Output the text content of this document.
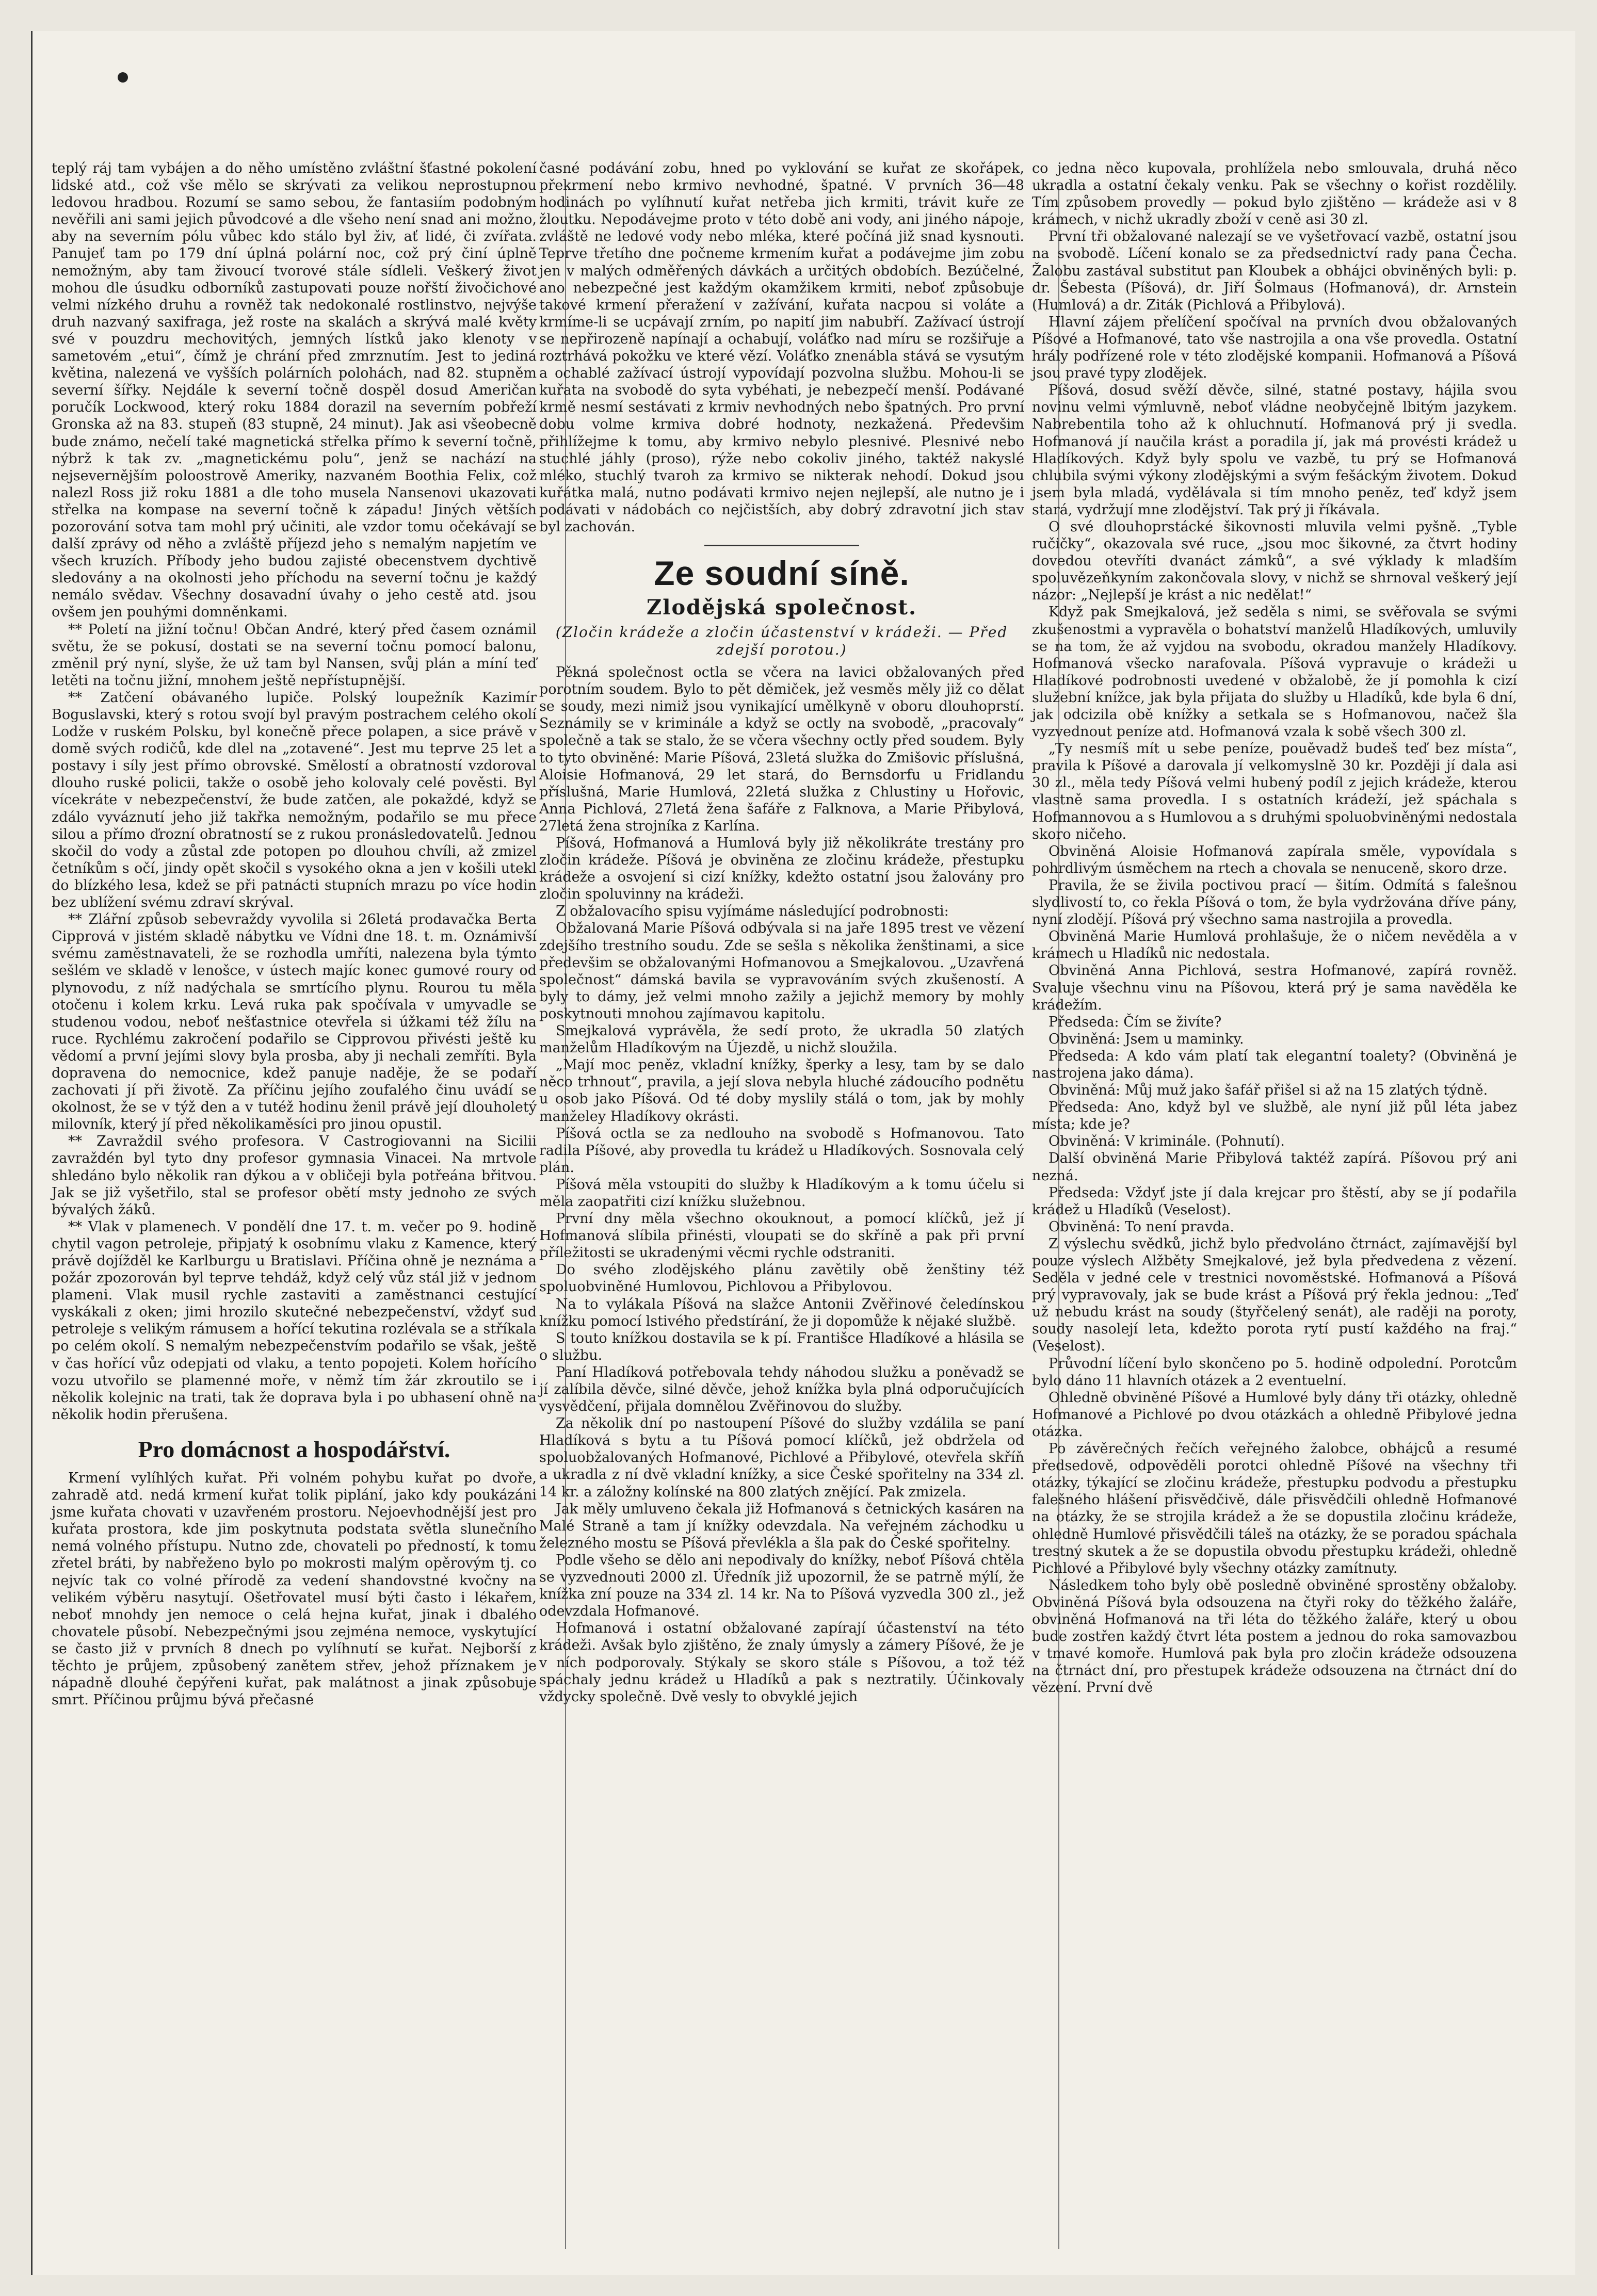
teplý ráj tam vybájen a do něho umístěno zvláštní šťastné pokolení lidské atd., což vše mělo se skrývati za velikou neprostupnou ledovou hradbou. Rozumí se samo sebou, že fantasiím podobným nevěřili ani sami jejich původcové a dle všeho není snad ani možno, aby na severním pólu vůbec kdo stálo byl živ, ať lidé, či zvířata. Panujeť tam po 179 dní úplná polární noc, což prý činí úplně nemožným, aby tam živoucí tvorové stále sídleli. Veškerý život mohou dle úsudku odborníků zastupovati pouze nořští živočichové velmi nízkého druhu a rovněž tak nedokonalé rostlinstvo, nejvýše druh nazvaný saxifraga, jež roste na skalách a skrývá malé květy své v pouzdru mechovitých, jemných lístků jako klenoty v sametovém „etui“, čímž je chrání před zmrznutím. Jest to jediná květina, nalezená ve vyšších polárních polohách, nad 82. stupněm severní šířky. Nejdále k severní točně dospěl dosud Američan poručík Lockwood, který roku 1884 dorazil na severním pobřeží Gronska až na 83. stupeň (83 stupně, 24 minut). Jak asi všeobecně bude známo, nečelí také magnetická střelka přímo k severní točně, nýbrž k tak zv. „magnetickému polu“, jenž se nachází na nejsevernějším poloostrově Ameriky, nazvaném Boothia Felix, což nalezl Ross již roku 1881 a dle toho musela Nansenovi ukazovati střelka na kompase na severní točně k západu! Jiných větších pozorování sotva tam mohl prý učiniti, ale vzdor tomu očekávají se další zprávy od něho a zvláště příjezd jeho s nemalým napjetím ve všech kruzích. Příbody jeho budou zajisté obecenstvem dychtivě sledovány a na okolnosti jeho příchodu na severní točnu je každý nemálo svědav. Všechny dosavadní úvahy o jeho cestě atd. jsou ovšem jen pouhými domněnkami.

** Poletí na jižní točnu! Občan André, který před časem oznámil světu, že se pokusí, dostati se na severní točnu pomocí balonu, změnil prý nyní, slyše, že už tam byl Nansen, svůj plán a míní teď letěti na točnu jižní, mnohem ještě nepřístupnější.

** Zatčení obávaného lupiče. Polský loupežník Kazimír Boguslavski, který s rotou svojí byl pravým postrachem celého okolí Lodže v ruském Polsku, byl konečně přece polapen, a sice právě v domě svých rodičů, kde dlel na „zotavené“. Jest mu teprve 25 let a postavy i síly jest přímo obrovské. Smělostí a obratností vzdoroval dlouho ruské policii, takže o osobě jeho kolovaly celé pověsti. Byl vícekráte v nebezpečenství, že bude zatčen, ale pokaždé, když se zdálo vyváznutí jeho již takřka nemožným, podařilo se mu přece silou a přímo ďrozní obratností se z rukou pronásledovatelů. Jednou skočil do vody a zůstal zde potopen po dlouhou chvíli, až zmizel četníkům s očí, jindy opět skočil s vysokého okna a jen v košili utekl do blízkého lesa, kdež se při patnácti stupních mrazu po více hodin bez ublížení svému zdraví skrýval.

** Zlářní způsob sebevraždy vyvolila si 26letá prodavačka Berta Cipprová v jistém skladě nábytku ve Vídni dne 18. t. m. Oznámivší svému zaměstnavateli, že se rozhodla umříti, nalezena byla týmto sešlém ve skladě v lenošce, v ústech majíc konec gumové roury od plynovodu, z níž nadýchala se smrtícího plynu. Rourou tu měla otočenu i kolem krku. Levá ruka pak spočívala v umyvadle se studenou vodou, neboť nešťastnice otevřela si úžkami též žílu na ruce. Rychlému zakročení podařilo se Cipprovou přivésti ještě ku vědomí a první jejími slovy byla prosba, aby ji nechali zemříti. Byla dopravena do nemocnice, kdež panuje naděje, že se podaří zachovati jí při životě. Za příčinu jejího zoufalého činu uvádí se okolnost, že se v týž den a v tutéž hodinu ženil právě její dlouholetý milovník, který jí před několikaměsíci pro jinou opustil.

** Zavraždil svého profesora. V Castrogiovanni na Sicilii zavraždén byl tyto dny profesor gymnasia Vinacei. Na mrtvole shledáno bylo několik ran dýkou a v obličeji byla potřeána břitvou. Jak se již vyšetřilo, stal se profesor obětí msty jednoho ze svých bývalých žáků.

** Vlak v plamenech. V pondělí dne 17. t. m. večer po 9. hodině chytil vagon petroleje, připjatý k osobnímu vlaku z Kamence, který právě dojížděl ke Karlburgu u Bratislavi. Příčina ohně je neznáma a požár zpozorován byl teprve tehdáž, když celý vůz stál již v jednom plameni. Vlak musil rychle zastaviti a zaměstnanci cestující vyskákali z oken; jimi hrozilo skutečné nebezpečenství, vždyť sud petroleje s velikým rámusem a hořící tekutina rozlévala se a stříkala po celém okolí. S nemalým nebezpečenstvím podařilo se však, ještě v čas hořící vůz odepjati od vlaku, a tento popojeti. Kolem hořícího vozu utvořilo se plamenné moře, v němž tím žár zkroutilo se i několik kolejnic na trati, tak že doprava byla i po ubhasení ohně na několik hodin přerušena.

Pro domácnost a hospodářství.

Krmení vylíhlých kuřat. Při volném pohybu kuřat po dvoře, zahradě atd. nedá krmení kuřat tolik piplání, jako kdy poukázáni jsme kuřata chovati v uzavřeném prostoru. Nejoevhodnější jest pro kuřata prostora, kde jim poskytnuta podstata světla slunečního nemá volného přístupu. Nutno zde, chovateli po předností, k tomu zřetel bráti, by nabřeženo bylo po mokrosti malým opěrovým tj. co nejvíc tak co volné přírodě za vedení shandovstné kvočny na velikém výběru nasytují. Ošetřovatel musí býti často i lékařem, neboť mnohdy jen nemoce o celá hejna kuřat, jinak i dbalého chovatele působí. Nebezpečnými jsou zejména nemoce, vyskytující se často již v prvních 8 dnech po vylíhnutí se kuřat. Nejborší z těchto je průjem, způsobený zanětem střev, jehož příznakem je nápadně dlouhé čepýřeni kuřat, pak malátnost a jinak způsobuje smrt. Příčinou průjmu bývá přečasné

časné podávání zobu, hned po vyklování se kuřat ze skořápek, překrmení nebo krmivo nevhodné, špatné. V prvních 36—48 hodinách po vylíhnutí kuřat netřeba jich krmiti, trávit kuře ze žloutku. Nepodávejme proto v této době ani vody, ani jiného nápoje, zvláště ne ledové vody nebo mléka, které počíná již snad kysnouti. Teprve třetího dne počneme krmením kuřat a podávejme jim zobu jen v malých odměřených dávkách a určitých obdobích. Bezúčelné, ano nebezpečné jest každým okamžikem krmiti, neboť způsobuje takové krmení přeražení v zažívání, kuřata nacpou si voláte a krmíme-li se ucpávají zrním, po napití jim nabubří. Zažívací ústrojí se nepřirozeně napínají a ochabují, voláťko nad míru se rozšiřuje a roztrhává pokožku ve které vězí. Voláťko znenábla stává se vysutým a ochablé zažívací ústrojí vypovídají pozvolna službu. Mohou-li se kuřata na svobodě do syta vybéhati, je nebezpečí menší. Podávané krmě nesmí sestávati z krmiv nevhodných nebo špatných. Pro první dobu volme krmiva dobré hodnoty, nezkažená. Předevšim přihlížejme k tomu, aby krmivo nebylo plesnivé. Plesnivé nebo stuchlé jáhly (proso), rýže nebo cokoliv jiného, taktéž nakyslé mléko, stuchlý tvaroh za krmivo se nikterak nehodí. Dokud jsou kuřátka malá, nutno podávati krmivo nejen nejlepší, ale nutno je i podávati v nádobách co nejčistších, aby dobrý zdravotní jich stav byl zachován.

Ze soudní síně.
Zlodějská společnost.
(Zločin krádeže a zločin účastenství v krádeži. — Před zdejší porotou.)

Pěkná společnost octla se včera na lavici obžalovaných před porotním soudem. Bylo to pět děmiček, jež vesměs měly již co dělat se soudy, mezi nimiž jsou vynikající umělkyně v oboru dlouhoprstí. Seznámily se v kriminále a když se octly na svobodě, „pracovaly“ společně a tak se stalo, že se včera všechny octly před soudem. Byly to tyto obviněné: Marie Píšová, 23letá služka do Zmišovic příslušná, Aloisie Hofmanová, 29 let stará, do Bernsdorfu u Fridlandu příslušná, Marie Humlová, 22letá služka z Chlustiny u Hořovic, Anna Pichlová, 27letá žena šafáře z Falknova, a Marie Přibylová, 27letá žena strojníka z Karlína.

Píšová, Hofmanová a Humlová byly již několikráte trestány pro zločin krádeže. Píšová je obviněna ze zločinu krádeže, přestupku krádeže a osvojení si cizí knížky, kdežto ostatní jsou žalovány pro zločin spoluvinny na krádeži.

Z obžalovacího spisu vyjímáme následující podrobnosti:

Obžalovaná Marie Píšová odbývala si na jaře 1895 trest ve vězení zdejšího trestního soudu. Zde se sešla s několika ženštinami, a sice předevšim se obžalovanými Hofmanovou a Smejkalovou. „Uzavřená společnost“ dámská bavila se vypravováním svých zkušeností. A byly to dámy, jež velmi mnoho zažily a jejichž memory by mohly poskytnouti mnohou zajímavou kapitolu.

Smejkalová vyprávěla, že sedí proto, že ukradla 50 zlatých manželům Hladíkovým na Újezdě, u nichž sloužila.

„Mají moc peněz, vkladní knížky, šperky a lesy, tam by se dalo něco trhnout“, pravila, a její slova nebyla hluché zádoucího podnětu u osob jako Píšová. Od té doby myslily stálá o tom, jak by mohly manželey Hladíkovy okrásti.

Píšová octla se za nedlouho na svobodě s Hofmanovou. Tato radila Píšové, aby provedla tu krádež u Hladíkových. Sosnovala celý plán.

Píšová měla vstoupiti do služby k Hladíkovým a k tomu účelu si měla zaopatřiti cizí knížku služebnou.

První dny měla všechno okouknout, a pomocí klíčků, jež jí Hofmanová slíbila přinésti, vloupati se do skříně a pak při první příležitosti se ukradenými věcmi rychle odstraniti.

Do svého zlodějského plánu zavětily obě ženštiny též spoluobviněné Humlovou, Pichlovou a Přibylovou.

Na to vylákala Píšová na slažce Antonii Zvěřinové čeledínskou knížku pomocí lstivého předstírání, že ji dopomůže k nějaké službě.

S touto knížkou dostavila se k pí. Františce Hladíkové a hlásila se o službu.

Paní Hladíková potřebovala tehdy náhodou služku a poněvadž se jí zalíbila děvče, silné děvče, jehož knížka byla plná odporučujících vysvědčení, přijala domnělou Zvěřinovou do služby.

Za několik dní po nastoupení Píšové do služby vzdálila se paní Hladíková s bytu a tu Píšová pomocí klíčků, jež obdržela od spoluobžalovaných Hofmanové, Pichlové a Přibylové, otevřela skříň a ukradla z ní dvě vkladní knížky, a sice České spořitelny na 334 zl. 14 kr. a záložny kolínské na 800 zlatých znějící. Pak zmizela.

Jak měly umluveno čekala již Hofmanová s četnických kasáren na Malé Straně a tam jí knížky odevzdala. Na veřejném záchodku u železného mostu se Píšová převlékla a šla pak do České spořitelny.

Podle všeho se dělo ani nepodivaly do knížky, neboť Píšová chtěla se vyzvednouti 2000 zl. Úředník již upozornil, že se patrně mýlí, že knížka zní pouze na 334 zl. 14 kr. Na to Píšová vyzvedla 300 zl., jež odevzdala Hofmanové.

Hofmanová i ostatní obžalované zapírají účastenství na této krádeži. Avšak bylo zjištěno, že znaly úmysly a zámery Píšové, že je v ních podporovaly. Stýkaly se skoro stále s Píšovou, a tož též spáchaly jednu krádež u Hladíků a pak s neztratily. Účinkovaly vždycky společně. Dvě vesly to obvyklé jejich

co jedna něco kupovala, prohlížela nebo smlouvala, druhá něco ukradla a ostatní čekaly venku. Pak se všechny o kořist rozdělily. Tím způsobem provedly — pokud bylo zjištěno — krádeže asi v 8 krámech, v nichž ukradly zboží v ceně asi 30 zl.

První tři obžalované nalezají se ve vyšetřovací vazbě, ostatní jsou na svobodě. Líčení konalo se za předsednictví rady pana Čecha. Žalobu zastával substitut pan Kloubek a obhájci obviněných byli: p. dr. Šebesta (Píšová), dr. Jiří Šolmaus (Hofmanová), dr. Arnstein (Humlová) a dr. Ziták (Pichlová a Přibylová).

Hlavní zájem přelíčení spočíval na prvních dvou obžalovaných Píšové a Hofmanové, tato vše nastrojila a ona vše provedla. Ostatní hrály podřízené role v této zlodějské kompanii. Hofmanová a Píšová jsou pravé typy zlodějek.

Píšová, dosud svěží děvče, silné, statné postavy, hájila svou novinu velmi výmluvně, neboť vládne neobyčejně lbitým jazykem. Nabrebentila toho až k ohluchnutí. Hofmanová prý ji svedla. Hofmanová jí naučila krást a poradila jí, jak má provésti krádež u Hladíkových. Když byly spolu ve vazbě, tu prý se Hofmanová chlubila svými výkony zlodějskými a svým fešáckým životem. Dokud jsem byla mladá, vydělávala si tím mnoho peněz, teď když jsem stará, vydržují mne zlodějství. Tak prý ji říkávala.

O své dlouhoprstácké šikovnosti mluvila velmi pyšně. „Tyble ručičky“, okazovala své ruce, „jsou moc šikovné, za čtvrt hodiny dovedou otevříti dvanáct zámků“, a své výklady k mladším spoluvězeňkyním zakončovala slovy, v nichž se shrnoval veškerý její názor: „Nejlepší je krást a nic nedělat!“

Když pak Smejkalová, jež seděla s nimi, se svěřovala se svými zkušenostmi a vypravěla o bohatství manželů Hladíkových, umluvily se na tom, že až vyjdou na svobodu, okradou manžely Hladíkovy. Hofmanová všecko narafovala. Píšová vypravuje o krádeži u Hladíkové podrobnosti uvedené v obžalobě, že jí pomohla k cizí služební knížce, jak byla přijata do služby u Hladíků, kde byla 6 dní, jak odcizila obě knížky a setkala se s Hofmanovou, načež šla vyzvednout peníze atd. Hofmanová vzala k sobě všech 300 zl.

„Ty nesmíš mít u sebe peníze, pouěvadž budeš teď bez místa“, pravila k Píšové a darovala jí velkomyslně 30 kr. Později jí dala asi 30 zl., měla tedy Píšová velmi hubený podíl z jejich krádeže, kterou vlastně sama provedla. I s ostatních krádeží, jež spáchala s Hofmannovou a s Humlovou a s druhými spoluobviněnými nedostala skoro ničeho.

Obviněná Aloisie Hofmanová zapírala směle, vypovídala s pohrdlivým úsměchem na rtech a chovala se nenuceně, skoro drze.

Pravila, že se živila poctivou prací — šitím. Odmítá s falešnou slydlivostí to, co řekla Píšová o tom, že byla vydržována dříve pány, nyní zlodějí. Píšová prý všechno sama nastrojila a provedla.

Obviněná Marie Humlová prohlašuje, že o ničem nevěděla a v krámech u Hladíků nic nedostala.

Obviněná Anna Pichlová, sestra Hofmanové, zapírá rovněž. Svaluje všechnu vinu na Píšovou, která prý je sama navěděla ke krádežím.

Předseda: Čím se živíte?

Obviněná: Jsem u maminky.

Předseda: A kdo vám platí tak elegantní toalety? (Obviněná je nastrojena jako dáma).

Obviněná: Můj muž jako šafář přišel si až na 15 zlatých týdně.

Předseda: Ano, když byl ve službě, ale nyní již půl léta jabez místa; kde je?

Obviněná: V kriminále. (Pohnutí).

Další obviněná Marie Přibylová taktéž zapírá. Píšovou prý ani nezná.

Předseda: Vždyť jste jí dala krejcar pro štěstí, aby se jí podařila krádež u Hladíků (Veselost).

Obviněná: To není pravda.

Z výslechu svědků, jichž bylo předvoláno čtrnáct, zajímavější byl pouze výslech Alžběty Smejkalové, jež byla předvedena z vězení. Seděla v jedné cele v trestnici novoměstské. Hofmanová a Píšová prý vypravovaly, jak se bude krást a Píšová prý řekla jednou: „Teď už nebudu krást na soudy (štyřčelený senát), ale raději na poroty, soudy nasolejí leta, kdežto porota rytí pustí každého na fraj.“ (Veselost).

Průvodní líčení bylo skončeno po 5. hodině odpolední. Porotcům bylo dáno 11 hlavních otázek a 2 eventuelní.

Ohledně obviněné Píšové a Humlové byly dány tři otázky, ohledně Hofmanové a Pichlové po dvou otázkách a ohledně Přibylové jedna otázka.

Po závěrečných řečích veřejného žalobce, obhájců a resumé předsedově, odpověděli porotci ohledně Píšové na všechny tři otázky, týkající se zločinu krádeže, přestupku podvodu a přestupku falešného hlášení přisvědčivě, dále přisvědčili ohledně Hofmanové na otázky, že se strojila krádež a že se dopustila zločinu krádeže, ohledně Humlové přisvědčili táleš na otázky, že se poradou spáchala trestný skutek a že se dopustila obvodu přestupku krádeži, ohledně Pichlové a Přibylové byly všechny otázky zamítnuty.

Následkem toho byly obě posledně obviněné sprostěny obžaloby. Obviněná Píšová byla odsouzena na čtyři roky do těžkého žaláře, obviněná Hofmanová na tři léta do těžkého žaláře, který u obou bude zostřen každý čtvrt léta postem a jednou do roka samovazbou v tmavé komoře. Humlová pak byla pro zločin krádeže odsouzena na čtrnáct dní, pro přestupek krádeže odsouzena na čtrnáct dní do vězení. První dvě
